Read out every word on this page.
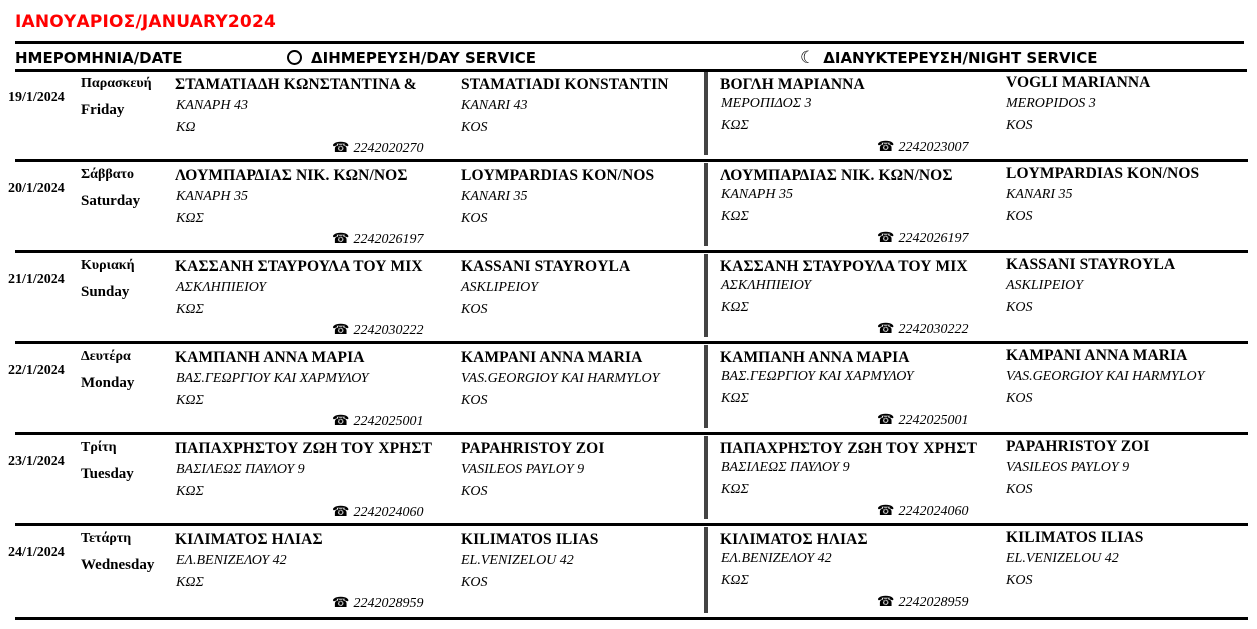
ΙΑΝΟΥΑΡΙΟΣ/JANUARY2024
ΗΜΕΡΟΜΗΝΙΑ/DATE	ΔΙΗΜΕΡΕΥΣΗ/DAY SERVICE	☾ ΔΙΑΝΥΚΤΕΡΕΥΣΗ/NIGHT SERVICE
19/1/2024
Παρασκευή
Friday
ΣΤΑΜΑΤΙΑΔΗ ΚΩΝΣΤΑΝΤΙΝΑ &
ΚΑΝΑΡΗ 43
ΚΩ
STAMATIADI KONSTANTIN
KANARI 43
KOS
☎ 2242020270
ΒΟΓΛΗ ΜΑΡΙΑΝΝΑ
ΜΕΡΟΠΙΔΟΣ 3
ΚΩΣ
VOGLI MARIANNA
MEROPIDOS 3
KOS
☎ 2242023007
20/1/2024
Σάββατο
Saturday
ΛΟΥΜΠΑΡΔΙΑΣ ΝΙΚ. ΚΩΝ/ΝΟΣ
ΚΑΝΑΡΗ 35
ΚΩΣ
LOYMPARDIAS KON/NOS
KANARI 35
KOS
☎ 2242026197
ΛΟΥΜΠΑΡΔΙΑΣ ΝΙΚ. ΚΩΝ/ΝΟΣ
ΚΑΝΑΡΗ 35
ΚΩΣ
LOYMPARDIAS KON/NOS
KANARI 35
KOS
☎ 2242026197
21/1/2024
Κυριακή
Sunday
ΚΑΣΣΑΝΗ ΣΤΑΥΡΟΥΛΑ ΤΟΥ ΜΙΧ
ΑΣΚΛΗΠΙΕΙΟΥ
ΚΩΣ
KASSANI STAYROYLA
ASKLIPEIOY
KOS
☎ 2242030222
ΚΑΣΣΑΝΗ ΣΤΑΥΡΟΥΛΑ ΤΟΥ ΜΙΧ
ΑΣΚΛΗΠΙΕΙΟΥ
ΚΩΣ
KASSANI STAYROYLA
ASKLIPEIOY
KOS
☎ 2242030222
22/1/2024
Δευτέρα
Monday
ΚΑΜΠΑΝΗ ΑΝΝΑ ΜΑΡΙΑ
ΒΑΣ.ΓΕΩΡΓΙΟΥ ΚΑΙ ΧΑΡΜΥΛΟΥ
ΚΩΣ
KAMPANI ANNA MARIA
VAS.GEORGIOY KAI HARMYLOY
KOS
☎ 2242025001
ΚΑΜΠΑΝΗ ΑΝΝΑ ΜΑΡΙΑ
ΒΑΣ.ΓΕΩΡΓΙΟΥ ΚΑΙ ΧΑΡΜΥΛΟΥ
ΚΩΣ
KAMPANI ANNA MARIA
VAS.GEORGIOY KAI HARMYLOY
KOS
☎ 2242025001
23/1/2024
Τρίτη
Tuesday
ΠΑΠΑΧΡΗΣΤΟΥ ΖΩΗ ΤΟΥ ΧΡΗΣΤ
ΒΑΣΙΛΕΩΣ ΠΑΥΛΟΥ 9
ΚΩΣ
PAPAHRISTOY ZOI
VASILEOS PAYLOY 9
KOS
☎ 2242024060
ΠΑΠΑΧΡΗΣΤΟΥ ΖΩΗ ΤΟΥ ΧΡΗΣΤ
ΒΑΣΙΛΕΩΣ ΠΑΥΛΟΥ 9
ΚΩΣ
PAPAHRISTOY ZOI
VASILEOS PAYLOY 9
KOS
☎ 2242024060
24/1/2024
Τετάρτη
Wednesday
ΚΙΛΙΜΑΤΟΣ ΗΛΙΑΣ
ΕΛ.ΒΕΝΙΖΕΛΟΥ 42
ΚΩΣ
KILIMATOS ILIAS
EL.VENIZELOU 42
KOS
☎ 2242028959
ΚΙΛΙΜΑΤΟΣ ΗΛΙΑΣ
ΕΛ.ΒΕΝΙΖΕΛΟΥ 42
ΚΩΣ
KILIMATOS ILIAS
EL.VENIZELOU 42
KOS
☎ 2242028959
